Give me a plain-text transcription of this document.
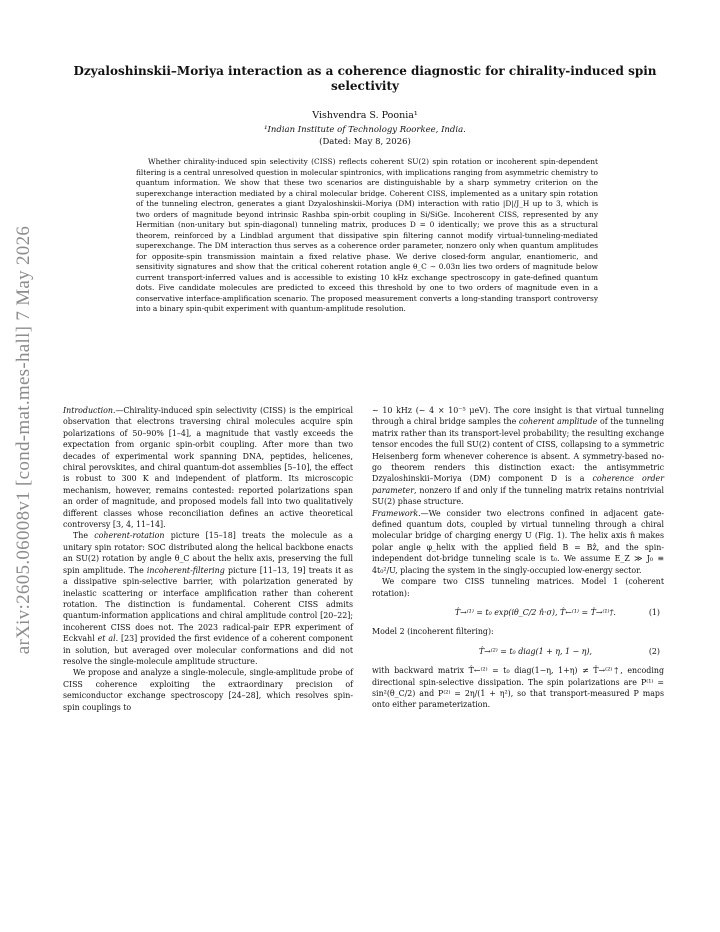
arXiv:2605.06008v1 [cond-mat.mes-hall] 7 May 2026
Dzyaloshinskii–Moriya interaction as a coherence diagnostic for chirality-induced spin selectivity
Vishvendra S. Poonia¹
¹Indian Institute of Technology Roorkee, India.
(Dated: May 8, 2026)
Whether chirality-induced spin selectivity (CISS) reflects coherent SU(2) spin rotation or incoherent spin-dependent filtering is a central unresolved question in molecular spintronics, with implications ranging from asymmetric chemistry to quantum information. We show that these two scenarios are distinguishable by a sharp symmetry criterion on the superexchange interaction mediated by a chiral molecular bridge. Coherent CISS, implemented as a unitary spin rotation of the tunneling electron, generates a giant Dzyaloshinskii–Moriya (DM) interaction with ratio |D|/J_H up to 3, which is two orders of magnitude beyond intrinsic Rashba spin-orbit coupling in Si/SiGe. Incoherent CISS, represented by any Hermitian (non-unitary but spin-diagonal) tunneling matrix, produces D = 0 identically; we prove this as a structural theorem, reinforced by a Lindblad argument that dissipative spin filtering cannot modify virtual-tunneling-mediated superexchange. The DM interaction thus serves as a coherence order parameter, nonzero only when quantum amplitudes for opposite-spin transmission maintain a fixed relative phase. We derive closed-form angular, enantiomeric, and sensitivity signatures and show that the critical coherent rotation angle θ_C ∼ 0.03π lies two orders of magnitude below current transport-inferred values and is accessible to existing 10 kHz exchange spectroscopy in gate-defined quantum dots. Five candidate molecules are predicted to exceed this threshold by one to two orders of magnitude even in a conservative interface-amplification scenario. The proposed measurement converts a long-standing transport controversy into a binary spin-qubit experiment with quantum-amplitude resolution.

Introduction.—Chirality-induced spin selectivity (CISS) is the empirical observation that electrons traversing chiral molecules acquire spin polarizations of 50–90% [1–4], a magnitude that vastly exceeds the expectation from organic spin-orbit coupling. After more than two decades of experimental work spanning DNA, peptides, helicenes, chiral perovskites, and chiral quantum-dot assemblies [5–10], the effect is robust to 300 K and independent of platform. Its microscopic mechanism, however, remains contested: reported polarizations span an order of magnitude, and proposed models fall into two qualitatively different classes whose reconciliation defines an active theoretical controversy [3, 4, 11–14].

The coherent-rotation picture [15–18] treats the molecule as a unitary spin rotator: SOC distributed along the helical backbone enacts an SU(2) rotation by angle θ_C about the helix axis, preserving the full spin amplitude. The incoherent-filtering picture [11–13, 19] treats it as a dissipative spin-selective barrier, with polarization generated by inelastic scattering or interface amplification rather than coherent rotation. The distinction is fundamental. Coherent CISS admits quantum-information applications and chiral amplitude control [20–22]; incoherent CISS does not. The 2023 radical-pair EPR experiment of Eckvahl et al. [23] provided the first evidence of a coherent component in solution, but averaged over molecular conformations and did not resolve the single-molecule amplitude structure.

We propose and analyze a single-molecule, single-amplitude probe of CISS coherence exploiting the extraordinary precision of semiconductor exchange spectroscopy [24–28], which resolves spin-spin couplings to

∼ 10 kHz (∼ 4 × 10⁻⁵ μeV). The core insight is that virtual tunneling through a chiral bridge samples the coherent amplitude of the tunneling matrix rather than its transport-level probability; the resulting exchange tensor encodes the full SU(2) content of CISS, collapsing to a symmetric Heisenberg form whenever coherence is absent. A symmetry-based no-go theorem renders this distinction exact: the antisymmetric Dzyaloshinskii–Moriya (DM) component D is a coherence order parameter, nonzero if and only if the tunneling matrix retains nontrivial SU(2) phase structure.

Framework.—We consider two electrons confined in adjacent gate-defined quantum dots, coupled by virtual tunneling through a chiral molecular bridge of charging energy U (Fig. 1). The helix axis n̂ makes polar angle φ_helix with the applied field B = Bẑ, and the spin-independent dot-bridge tunneling scale is t₀. We assume E_Z ≫ J₀ ≡ 4t₀²/U, placing the system in the singly-occupied low-energy sector.

We compare two CISS tunneling matrices. Model 1 (coherent rotation):

T̂→⁽¹⁾ = t₀ exp(iθ_C/2 n̂·σ), T̂←⁽¹⁾ = T̂→⁽¹⁾†.	(1)

Model 2 (incoherent filtering):

T̂→⁽²⁾ = t₀ diag(1 + η, 1 − η),	(2)

with backward matrix T̂←⁽²⁾ = t₀ diag(1−η, 1+η) ≠ T̂→⁽²⁾†, encoding directional spin-selective dissipation. The spin polarizations are P⁽¹⁾ = sin²(θ_C/2) and P⁽²⁾ = 2η/(1 + η²), so that transport-measured P maps onto either parameterization.
